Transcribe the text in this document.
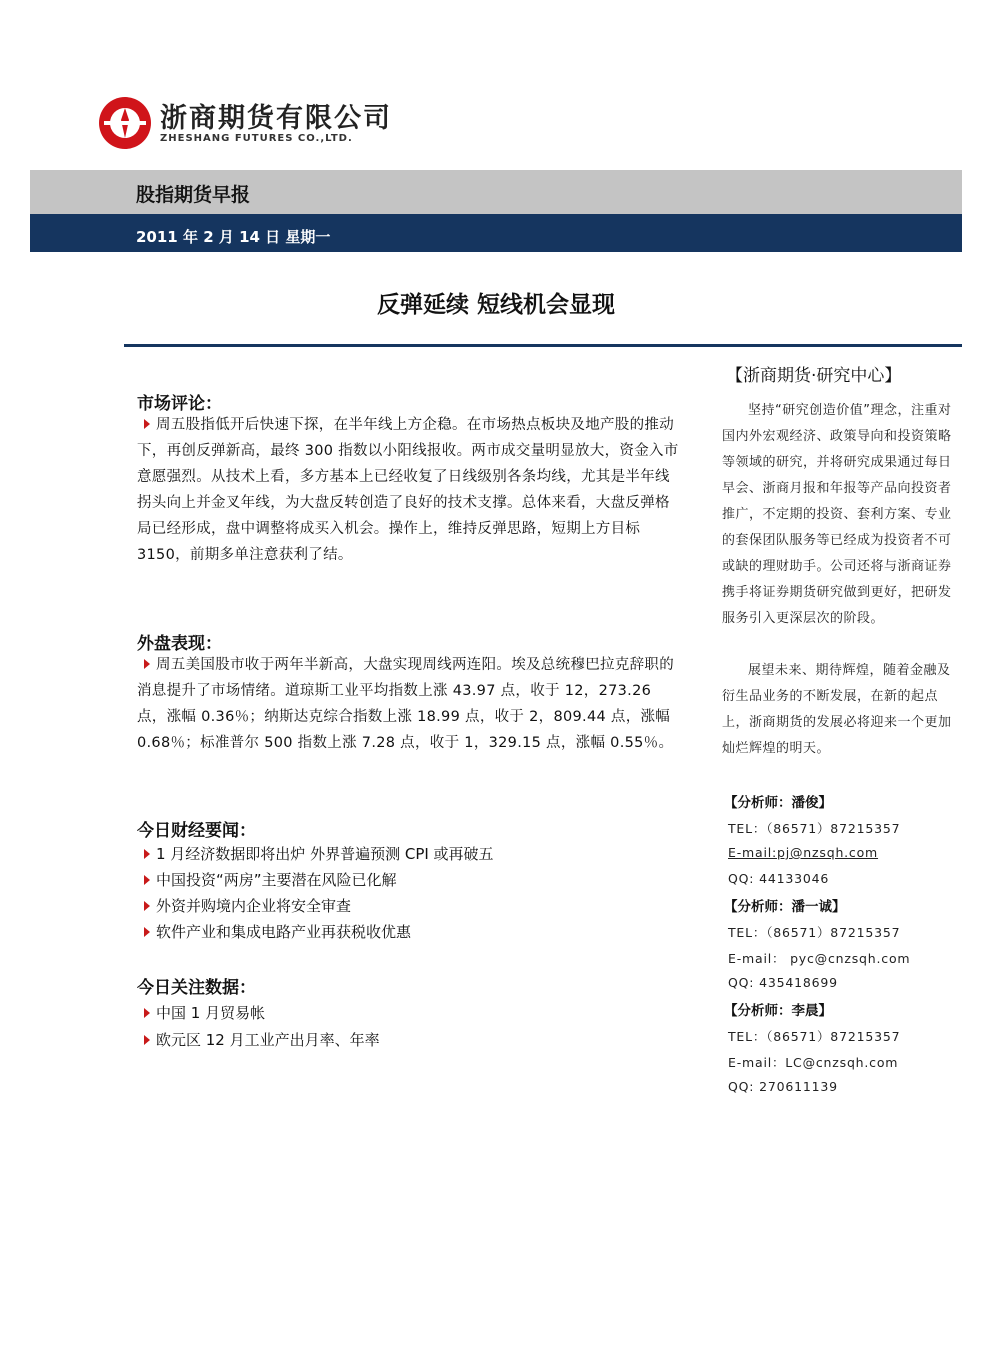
浙商期货有限公司
ZHESHANG FUTURES CO.,LTD.
股指期货早报
2011 年 2 月 14 日 星期一
反弹延续 短线机会显现
【浙商期货·研究中心】
坚持“研究创造价值”理念，注重对国内外宏观经济、政策导向和投资策略等领域的研究，并将研究成果通过每日早会、浙商月报和年报等产品向投资者推广，不定期的投资、套利方案、专业的套保团队服务等已经成为投资者不可或缺的理财助手。公司还将与浙商证券携手将证券期货研究做到更好，把研发服务引入更深层次的阶段。
展望未来、期待辉煌，随着金融及衍生品业务的不断发展，在新的起点上，浙商期货的发展必将迎来一个更加灿烂辉煌的明天。
【分析师：潘俊】
TEL：（86571）87215357
E-mail:pj@nzsqh.com
QQ: 44133046
【分析师：潘一诚】
TEL：（86571）87215357
E-mail： pyc@cnzsqh.com
QQ: 435418699
【分析师：李晨】
TEL：（86571）87215357
E-mail：LC@cnzsqh.com
QQ: 270611139
市场评论：
周五股指低开后快速下探，在半年线上方企稳。在市场热点板块及地产股的推动下，再创反弹新高，最终 300 指数以小阳线报收。两市成交量明显放大，资金入市意愿强烈。从技术上看，多方基本上已经收复了日线级别各条均线，尤其是半年线拐头向上并金叉年线，为大盘反转创造了良好的技术支撑。总体来看，大盘反弹格局已经形成，盘中调整将成买入机会。操作上，维持反弹思路，短期上方目标 3150，前期多单注意获利了结。
外盘表现：
周五美国股市收于两年半新高，大盘实现周线两连阳。埃及总统穆巴拉克辞职的消息提升了市场情绪。道琼斯工业平均指数上涨 43.97 点，收于 12，273.26 点，涨幅 0.36％；纳斯达克综合指数上涨 18.99 点，收于 2，809.44 点，涨幅 0.68％；标准普尔 500 指数上涨 7.28 点，收于 1，329.15 点，涨幅 0.55％。
今日财经要闻：
1 月经济数据即将出炉 外界普遍预测 CPI 或再破五
中国投资“两房”主要潜在风险已化解
外资并购境内企业将安全审查
软件产业和集成电路产业再获税收优惠
今日关注数据：
中国 1 月贸易帐
欧元区 12 月工业产出月率、年率
